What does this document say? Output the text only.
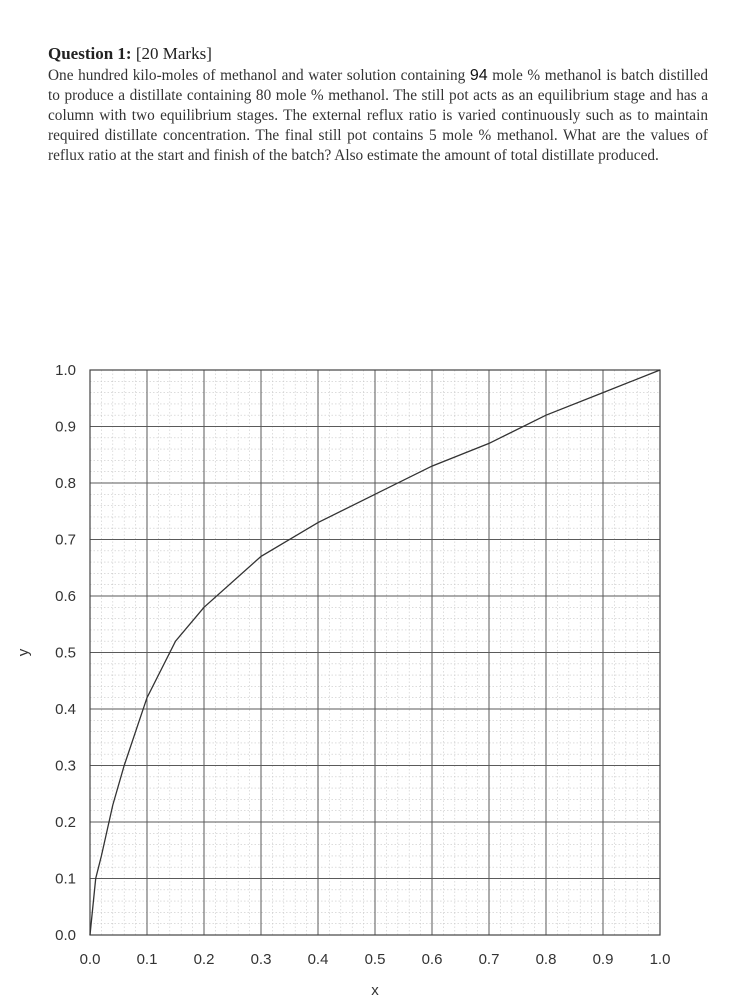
Question 1: [20 Marks]

One hundred kilo-moles of methanol and water solution containing 94 mole % methanol is batch distilled to produce a distillate containing 80 mole % methanol. The still pot acts as an equilibrium stage and has a column with two equilibrium stages. The external reflux ratio is varied continuously such as to maintain required distillate concentration. The final still pot contains 5 mole % methanol. What are the values of reflux ratio at the start and finish of the batch? Also estimate the amount of total distillate produced.

0.0 0.1 0.2 0.3 0.4 0.5 0.6 0.7 0.8 0.9 1.0
0.0
0.1
0.2
0.3
0.4
0.5
0.6
0.7
0.8
0.9
1.0
y
x
